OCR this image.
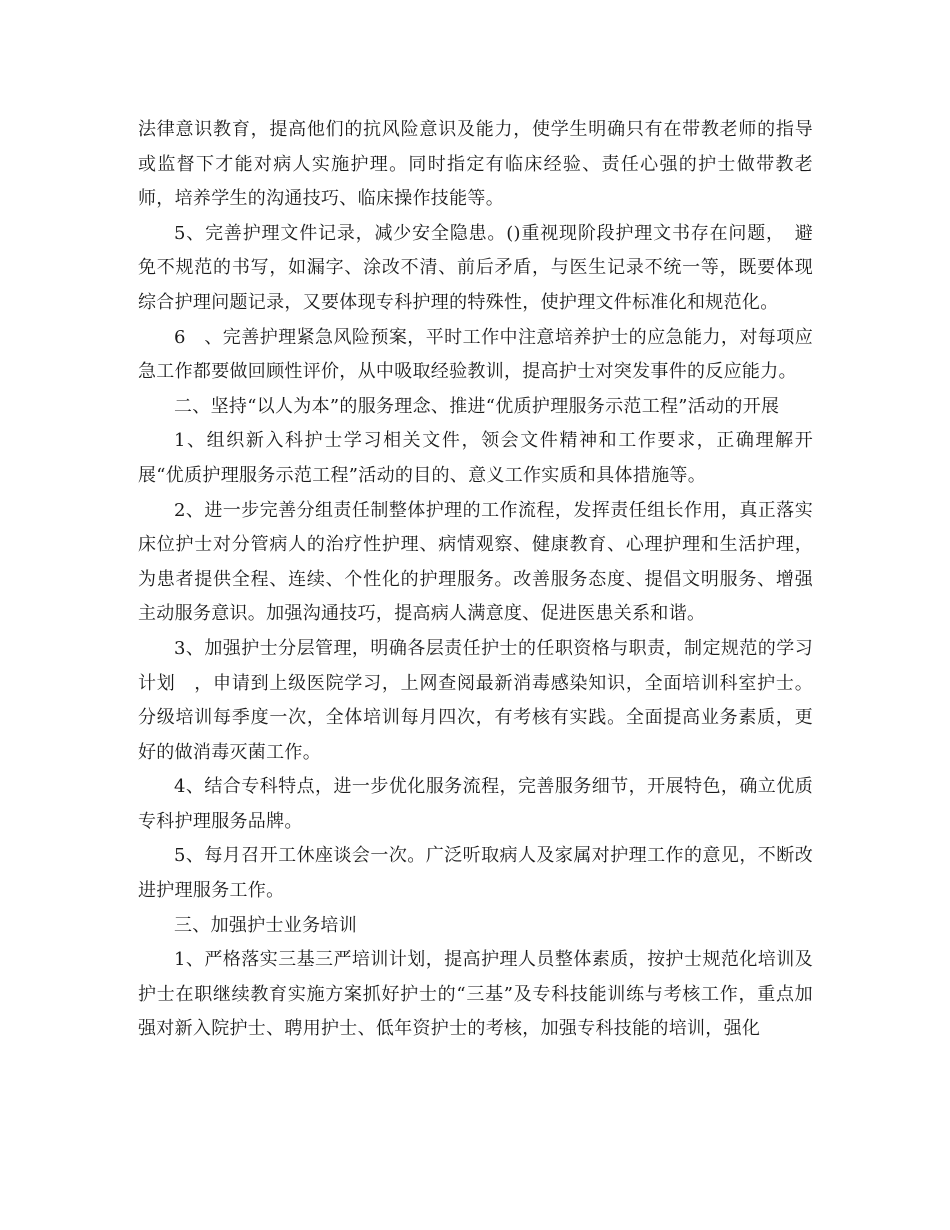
法律意识教育，提高他们的抗风险意识及能力，使学生明确只有在带教老师的指导或监督下才能对病人实施护理。同时指定有临床经验、责任心强的护士做带教老师，培养学生的沟通技巧、临床操作技能等。

5、完善护理文件记录，减少安全隐患。()重视现阶段护理文书存在问题，　避免不规范的书写，如漏字、涂改不清、前后矛盾，与医生记录不统一等，既要体现综合护理问题记录，又要体现专科护理的特殊性，使护理文件标准化和规范化。

6　、完善护理紧急风险预案，平时工作中注意培养护士的应急能力，对每项应急工作都要做回顾性评价，从中吸取经验教训，提高护士对突发事件的反应能力。

二、坚持“以人为本”的服务理念、推进“优质护理服务示范工程”活动的开展

1、组织新入科护士学习相关文件，领会文件精神和工作要求，正确理解开展“优质护理服务示范工程”活动的目的、意义工作实质和具体措施等。

2、进一步完善分组责任制整体护理的工作流程，发挥责任组长作用，真正落实床位护士对分管病人的治疗性护理、病情观察、健康教育、心理护理和生活护理，为患者提供全程、连续、个性化的护理服务。改善服务态度、提倡文明服务、增强主动服务意识。加强沟通技巧，提高病人满意度、促进医患关系和谐。

3、加强护士分层管理，明确各层责任护士的任职资格与职责，制定规范的学习计划　，申请到上级医院学习，上网查阅最新消毒感染知识，全面培训科室护士。分级培训每季度一次，全体培训每月四次，有考核有实践。全面提高业务素质，更好的做消毒灭菌工作。

4、结合专科特点，进一步优化服务流程，完善服务细节，开展特色，确立优质专科护理服务品牌。

5、每月召开工休座谈会一次。广泛听取病人及家属对护理工作的意见，不断改进护理服务工作。

三、加强护士业务培训

1、严格落实三基三严培训计划，提高护理人员整体素质，按护士规范化培训及护士在职继续教育实施方案抓好护士的“三基”及专科技能训练与考核工作，重点加强对新入院护士、聘用护士、低年资护士的考核，加强专科技能的培训，强化
